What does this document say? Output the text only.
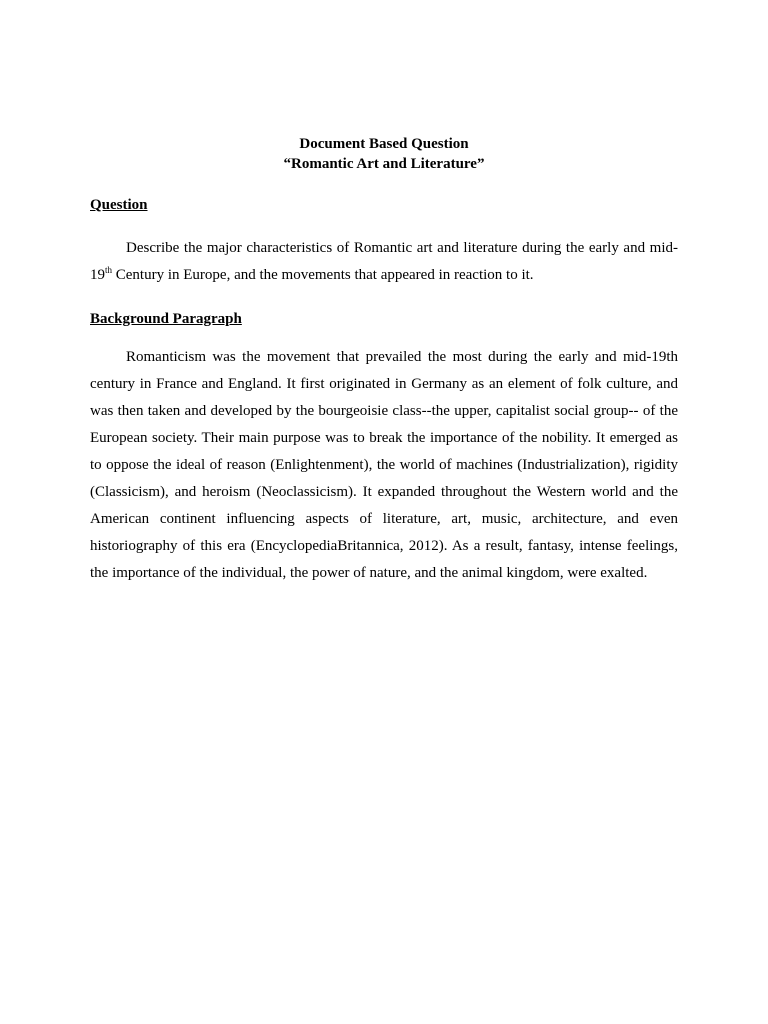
Document Based Question
“Romantic Art and Literature”
Question

Describe the major characteristics of Romantic art and literature during the early and mid-19th Century in Europe, and the movements that appeared in reaction to it.

Background Paragraph

Romanticism was the movement that prevailed the most during the early and mid-19th century in France and England. It first originated in Germany as an element of folk culture, and was then taken and developed by the bourgeoisie class--the upper, capitalist social group-- of the European society. Their main purpose was to break the importance of the nobility. It emerged as to oppose the ideal of reason (Enlightenment), the world of machines (Industrialization), rigidity (Classicism), and heroism (Neoclassicism). It expanded throughout the Western world and the American continent influencing aspects of literature, art, music, architecture, and even historiography of this era (EncyclopediaBritannica, 2012). As a result, fantasy, intense feelings, the importance of the individual, the power of nature, and the animal kingdom, were exalted.
